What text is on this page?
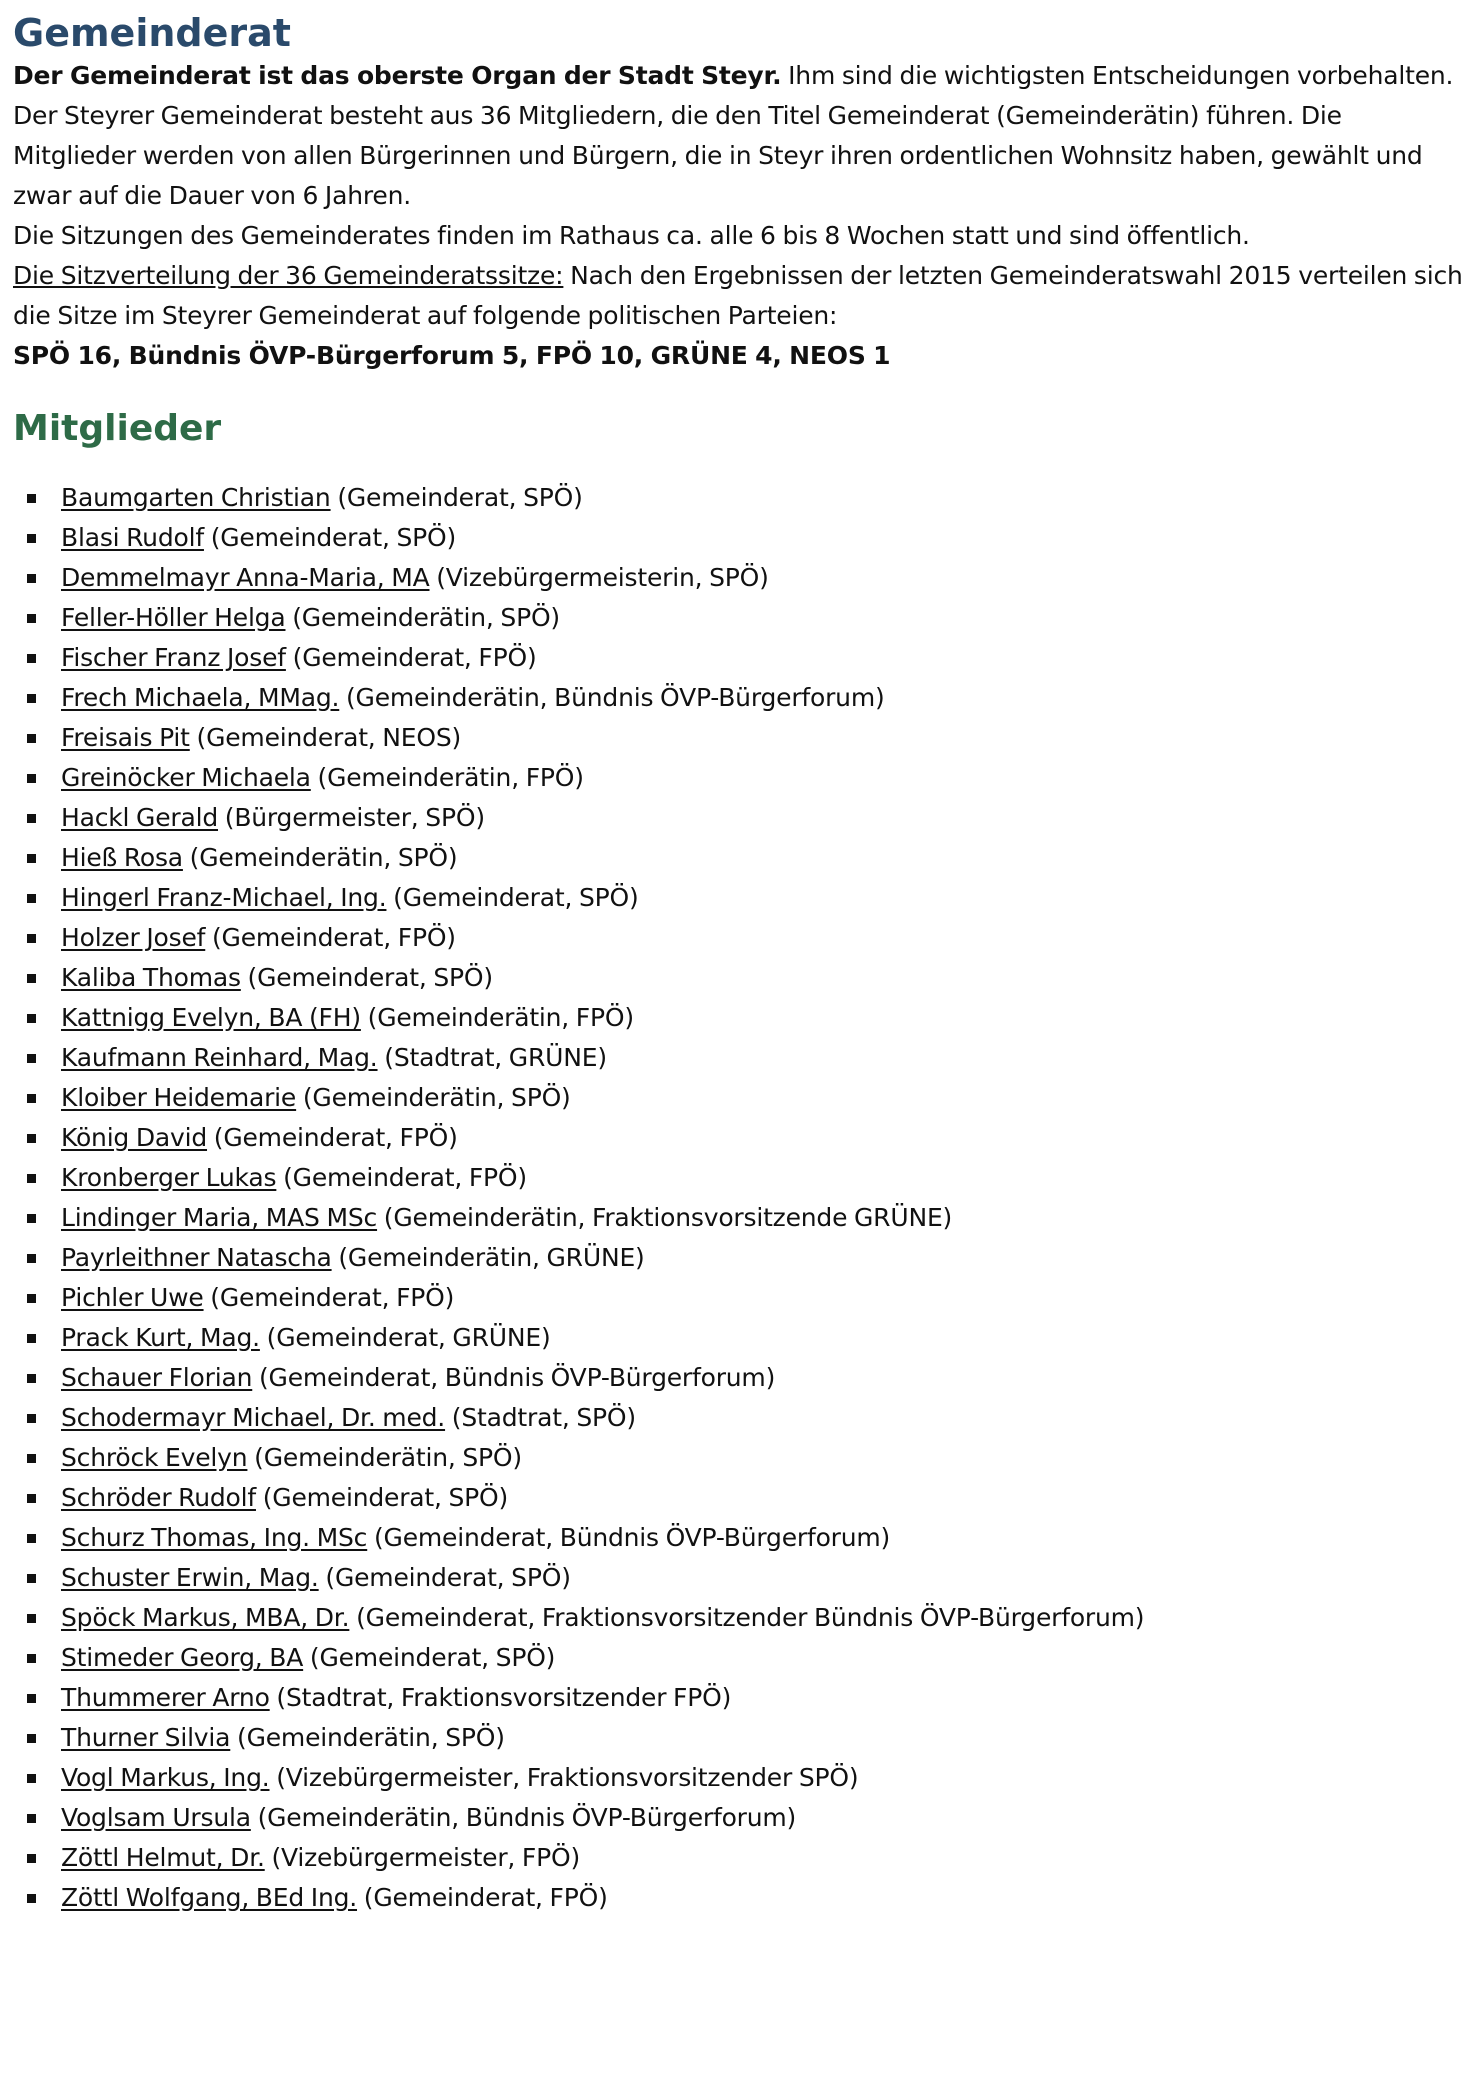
Gemeinderat

Der Gemeinderat ist das oberste Organ der Stadt Steyr. Ihm sind die wichtigsten Entscheidungen vorbehalten.

Der Steyrer Gemeinderat besteht aus 36 Mitgliedern, die den Titel Gemeinderat (Gemeinderätin) führen. Die Mitglieder werden von allen Bürgerinnen und Bürgern, die in Steyr ihren ordentlichen Wohnsitz haben, gewählt und zwar auf die Dauer von 6 Jahren.

Die Sitzungen des Gemeinderates finden im Rathaus ca. alle 6 bis 8 Wochen statt und sind öffentlich.

Die Sitzverteilung der 36 Gemeinderatssitze: Nach den Ergebnissen der letzten Gemeinderatswahl 2015 verteilen sich die Sitze im Steyrer Gemeinderat auf folgende politischen Parteien:

SPÖ 16, Bündnis ÖVP-Bürgerforum 5, FPÖ 10, GRÜNE 4, NEOS 1

Mitglieder
Baumgarten Christian (Gemeinderat, SPÖ)
Blasi Rudolf (Gemeinderat, SPÖ)
Demmelmayr Anna-Maria, MA (Vizebürgermeisterin, SPÖ)
Feller-Höller Helga (Gemeinderätin, SPÖ)
Fischer Franz Josef (Gemeinderat, FPÖ)
Frech Michaela, MMag. (Gemeinderätin, Bündnis ÖVP-Bürgerforum)
Freisais Pit (Gemeinderat, NEOS)
Greinöcker Michaela (Gemeinderätin, FPÖ)
Hackl Gerald (Bürgermeister, SPÖ)
Hieß Rosa (Gemeinderätin, SPÖ)
Hingerl Franz-Michael, Ing. (Gemeinderat, SPÖ)
Holzer Josef (Gemeinderat, FPÖ)
Kaliba Thomas (Gemeinderat, SPÖ)
Kattnigg Evelyn, BA (FH) (Gemeinderätin, FPÖ)
Kaufmann Reinhard, Mag. (Stadtrat, GRÜNE)
Kloiber Heidemarie (Gemeinderätin, SPÖ)
König David (Gemeinderat, FPÖ)
Kronberger Lukas (Gemeinderat, FPÖ)
Lindinger Maria, MAS MSc (Gemeinderätin, Fraktionsvorsitzende GRÜNE)
Payrleithner Natascha (Gemeinderätin, GRÜNE)
Pichler Uwe (Gemeinderat, FPÖ)
Prack Kurt, Mag. (Gemeinderat, GRÜNE)
Schauer Florian (Gemeinderat, Bündnis ÖVP-Bürgerforum)
Schodermayr Michael, Dr. med. (Stadtrat, SPÖ)
Schröck Evelyn (Gemeinderätin, SPÖ)
Schröder Rudolf (Gemeinderat, SPÖ)
Schurz Thomas, Ing. MSc (Gemeinderat, Bündnis ÖVP-Bürgerforum)
Schuster Erwin, Mag. (Gemeinderat, SPÖ)
Spöck Markus, MBA, Dr. (Gemeinderat, Fraktionsvorsitzender Bündnis ÖVP-Bürgerforum)
Stimeder Georg, BA (Gemeinderat, SPÖ)
Thummerer Arno (Stadtrat, Fraktionsvorsitzender FPÖ)
Thurner Silvia (Gemeinderätin, SPÖ)
Vogl Markus, Ing. (Vizebürgermeister, Fraktionsvorsitzender SPÖ)
Voglsam Ursula (Gemeinderätin, Bündnis ÖVP-Bürgerforum)
Zöttl Helmut, Dr. (Vizebürgermeister, FPÖ)
Zöttl Wolfgang, BEd Ing. (Gemeinderat, FPÖ)
